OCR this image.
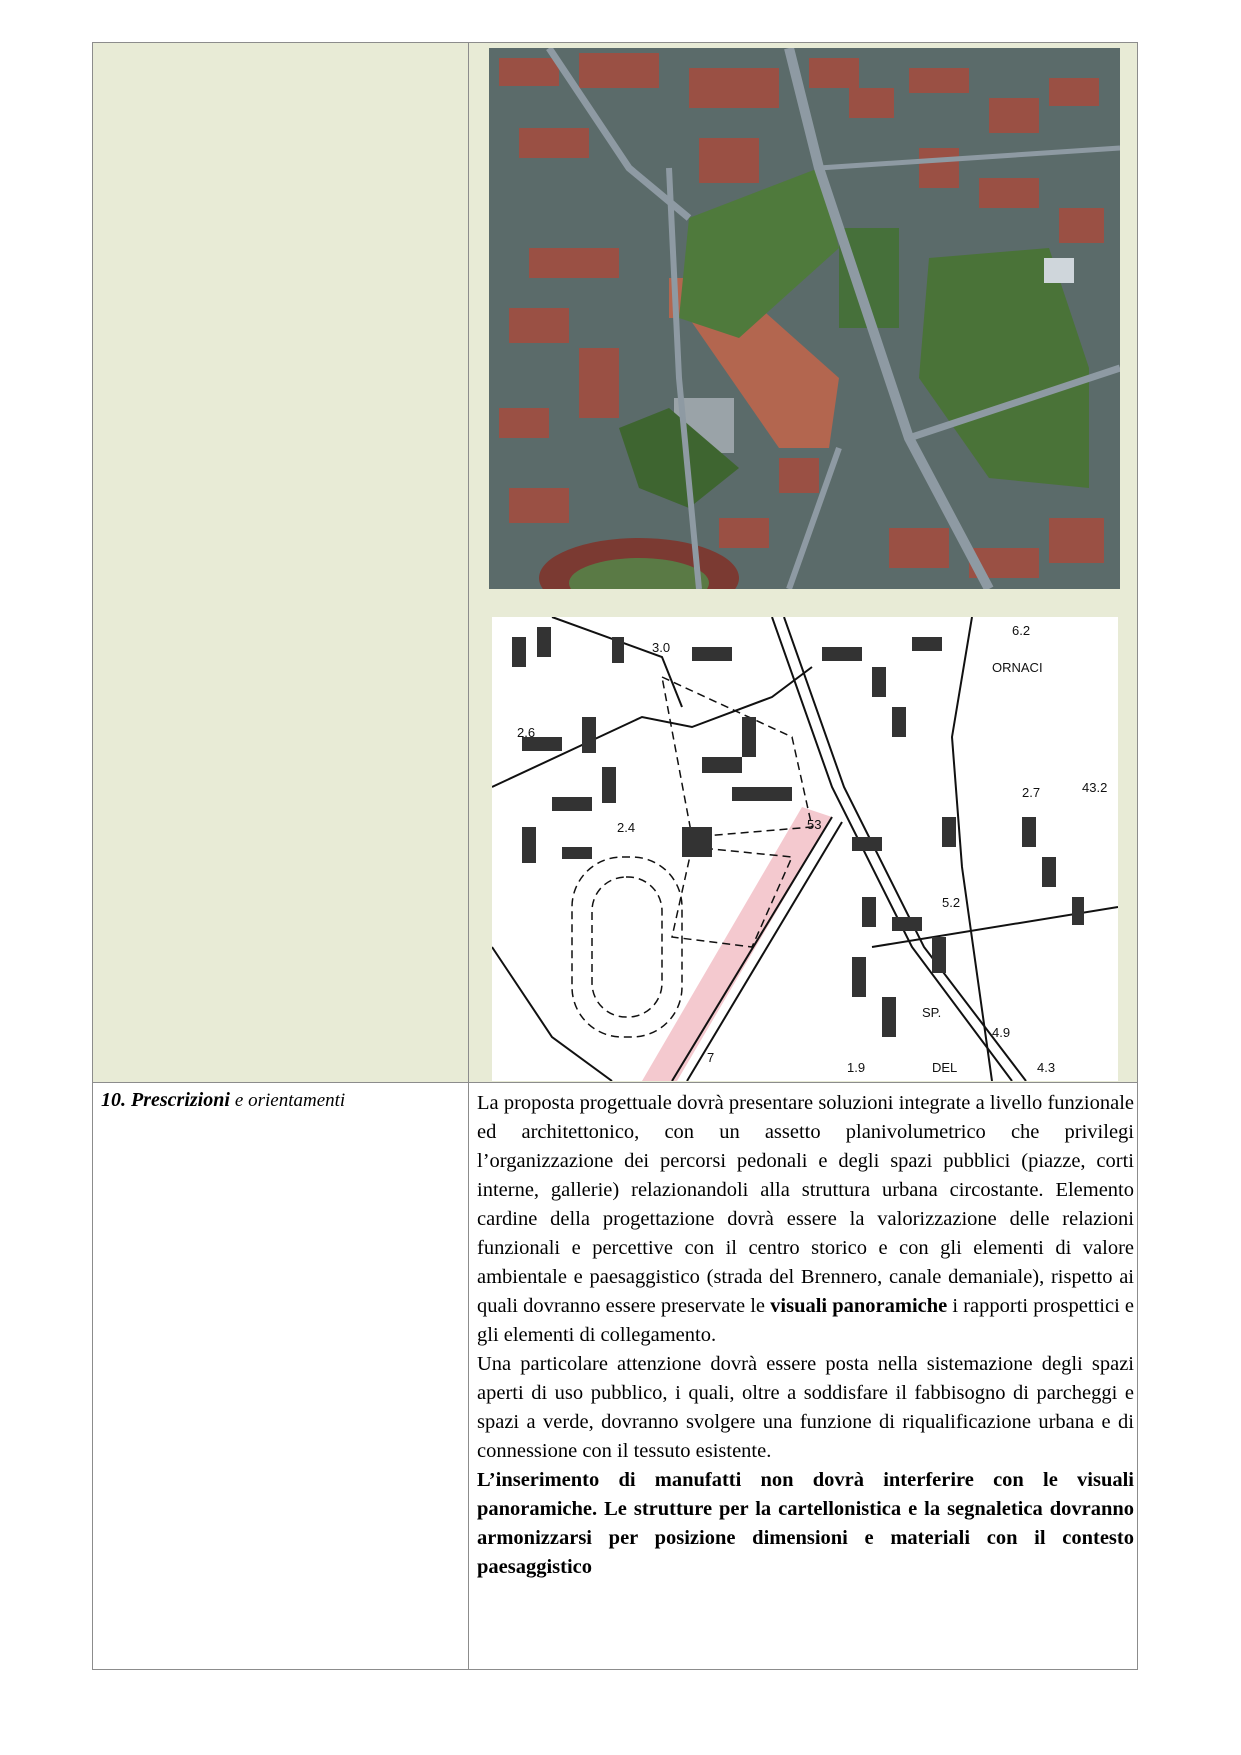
3.0
6.2
ORNACI
2.6
2.7	43.2
2.4	53
5.2
SP.
DEL
7
1.9
4.9
4.3
10. Prescrizioni e orientamenti	La proposta progettuale dovrà presentare soluzioni integrate a livello funzionale ed architettonico, con un assetto planivolumetrico che privilegi l’organizzazione dei percorsi pedonali e degli spazi pubblici (piazze, corti interne, gallerie) relazionandoli alla struttura urbana circostante. Elemento cardine della progettazione dovrà essere la valorizzazione delle relazioni funzionali e percettive con il centro storico e con gli elementi di valore ambientale e paesaggistico (strada del Brennero, canale demaniale), rispetto ai quali dovranno essere preservate le visuali panoramiche i rapporti prospettici e gli elementi di collegamento.

Una particolare attenzione dovrà essere posta nella sistemazione degli spazi aperti di uso pubblico, i quali, oltre a soddisfare il fabbisogno di parcheggi e spazi a verde, dovranno svolgere una funzione di riqualificazione urbana e di connessione con il tessuto esistente.

L’inserimento di manufatti non dovrà interferire con le visuali panoramiche. Le strutture per la cartellonistica e la segnaletica dovranno armonizzarsi per posizione dimensioni e materiali con il contesto paesaggistico
